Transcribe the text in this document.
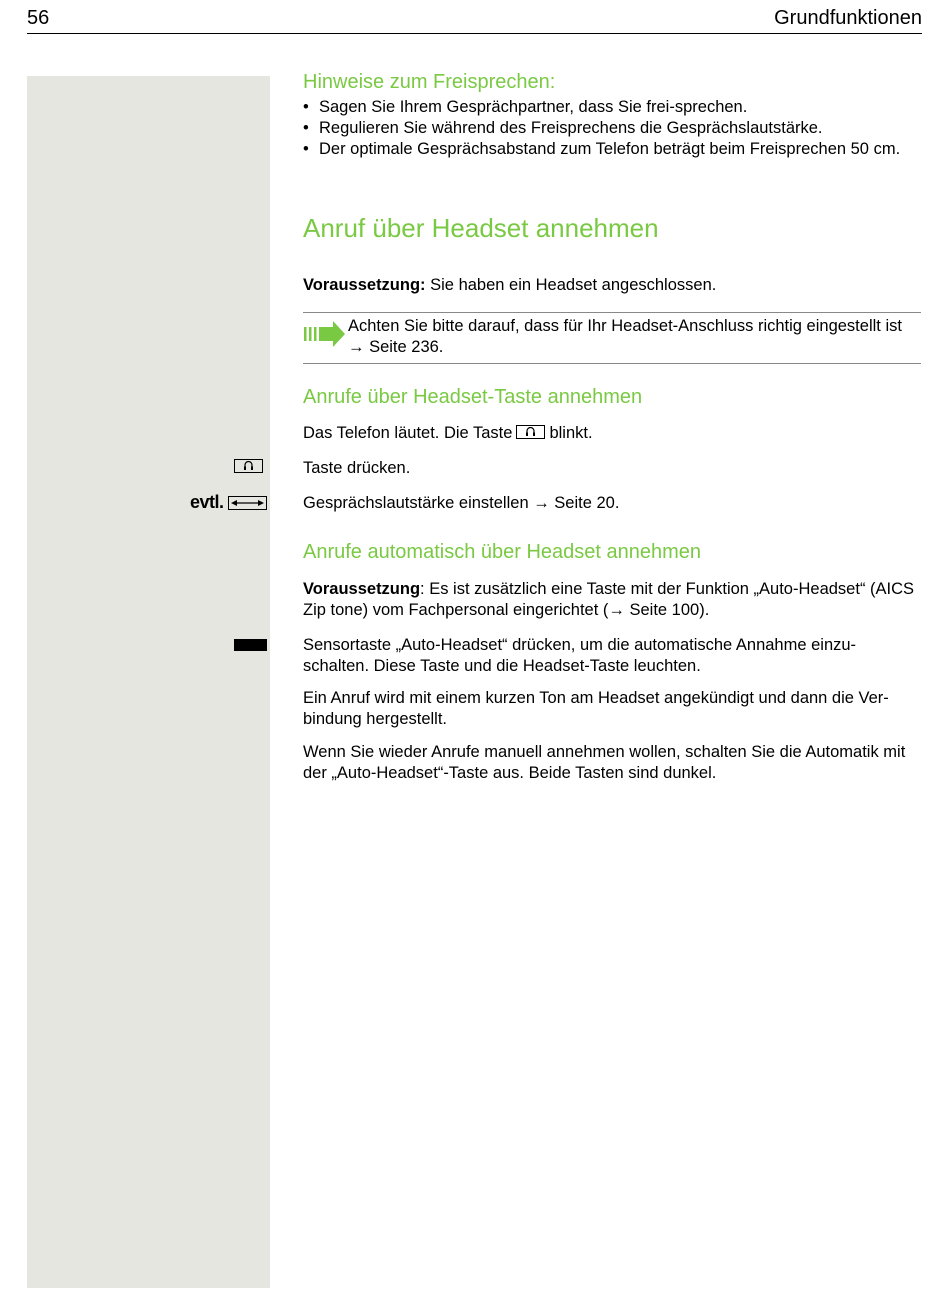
56	Grundfunktionen
Hinweise zum Freisprechen:
• Sagen Sie Ihrem Gesprächpartner, dass Sie frei-sprechen.
• Regulieren Sie während des Freisprechens die Gesprächslautstärke.
• Der optimale Gesprächsabstand zum Telefon beträgt beim Freisprechen 50 cm.
Anruf über Headset annehmen
Voraussetzung: Sie haben ein Headset angeschlossen.
Achten Sie bitte darauf, dass für Ihr Headset-Anschluss richtig eingestellt ist → Seite 236.
Anrufe über Headset-Taste annehmen
Das Telefon läutet. Die Taste blinkt.
Taste drücken.
evtl.	Gesprächslautstärke einstellen → Seite 20.
Anrufe automatisch über Headset annehmen
Voraussetzung: Es ist zusätzlich eine Taste mit der Funktion „Auto-Headset“ (AICS Zip tone) vom Fachpersonal eingerichtet (→ Seite 100).
Sensortaste „Auto-Headset“ drücken, um die automatische Annahme einzu-schalten. Diese Taste und die Headset-Taste leuchten.
Ein Anruf wird mit einem kurzen Ton am Headset angekündigt und dann die Ver-bindung hergestellt.
Wenn Sie wieder Anrufe manuell annehmen wollen, schalten Sie die Automatik mit der „Auto-Headset“-Taste aus. Beide Tasten sind dunkel.
